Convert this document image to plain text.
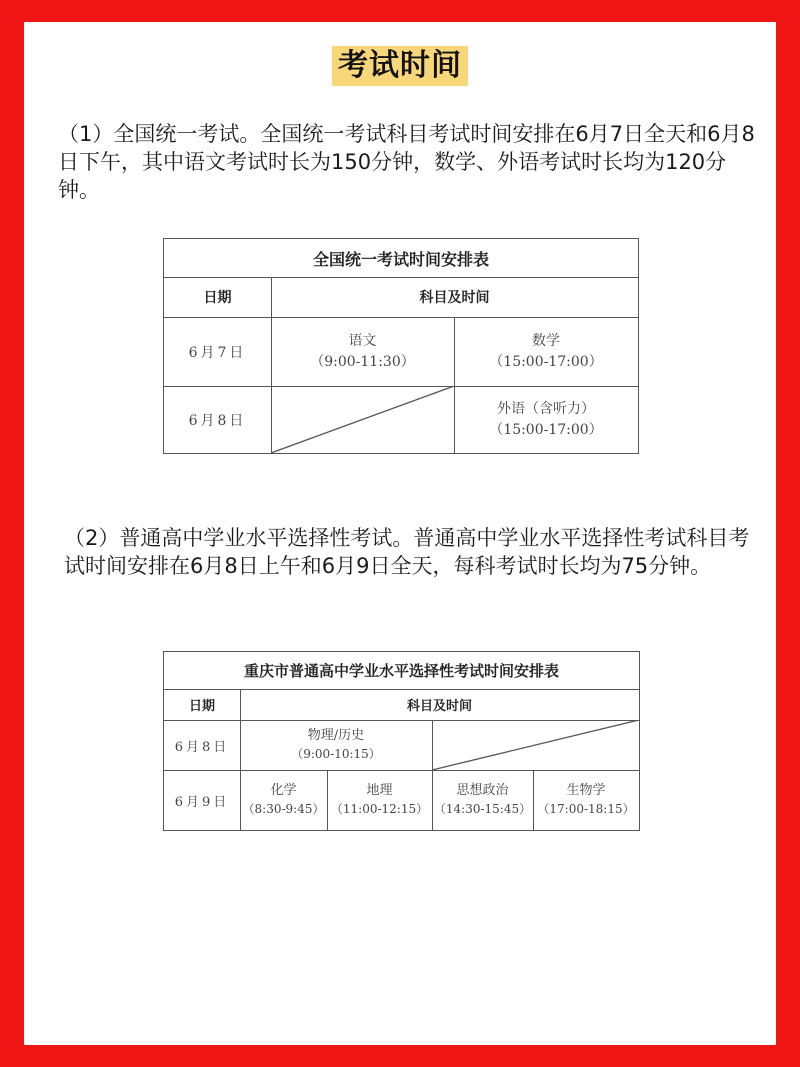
考试时间
（1）全国统一考试。全国统一考试科目考试时间安排在6月7日全天和6月8日下午，其中语文考试时长为150分钟，数学、外语考试时长均为120分钟。
全国统一考试时间安排表
日期	科目及时间
6月7日
语文
（9:00-11:30）
数学
（15:00-17:00）
6月8日
外语（含听力）
（15:00-17:00）
（2）普通高中学业水平选择性考试。普通高中学业水平选择性考试科目考试时间安排在6月8日上午和6月9日全天，每科考试时长均为75分钟。
重庆市普通高中学业水平选择性考试时间安排表
日期	科目及时间
6月8日
物理/历史
（9:00-10:15）
6月9日
化学
（8:30-9:45）
地理
（11:00-12:15）
思想政治
（14:30-15:45）
生物学
（17:00-18:15）
